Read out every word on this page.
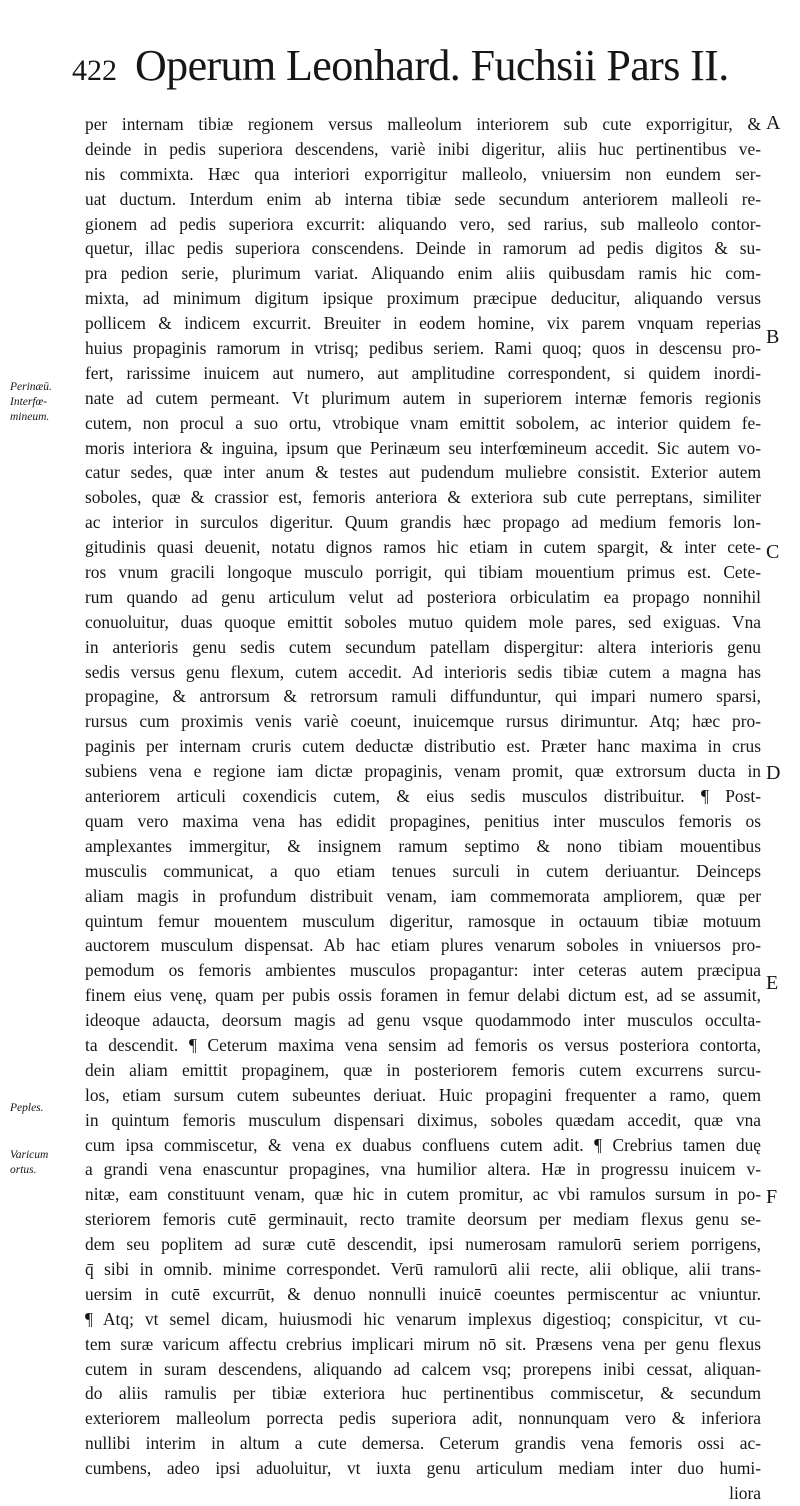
422 Operum Leonhard. Fuchsii Pars II.
per internam tibiæ regionem versus malleolum interiorem sub cute exporrigitur, &
deinde in pedis superiora descendens, variè inibi digeritur, aliis huc pertinentibus ve-
nis commixta. Hæc qua interiori exporrigitur malleolo, vniuersim non eundem ser-
uat ductum. Interdum enim ab interna tibiæ sede secundum anteriorem malleoli re-
gionem ad pedis superiora excurrit: aliquando vero, sed rarius, sub malleolo contor-
quetur, illac pedis superiora conscendens. Deinde in ramorum ad pedis digitos & su-
pra pedion serie, plurimum variat. Aliquando enim aliis quibusdam ramis hic com-
mixta, ad minimum digitum ipsique proximum præcipue deducitur, aliquando versus
pollicem & indicem excurrit. Breuiter in eodem homine, vix parem vnquam reperias
huius propaginis ramorum in vtrisq; pedibus seriem. Rami quoq; quos in descensu pro-
fert, rarissime inuicem aut numero, aut amplitudine correspondent, si quidem inordi-
nate ad cutem permeant. Vt plurimum autem in superiorem internæ femoris regionis
cutem, non procul a suo ortu, vtrobique vnam emittit sobolem, ac interior quidem fe-
moris interiora & inguina, ipsum que Perinæum seu interfœmineum accedit. Sic autem vo-
catur sedes, quæ inter anum & testes aut pudendum muliebre consistit. Exterior autem
soboles, quæ & crassior est, femoris anteriora & exteriora sub cute perreptans, similiter
ac interior in surculos digeritur. Quum grandis hæc propago ad medium femoris lon-
gitudinis quasi deuenit, notatu dignos ramos hic etiam in cutem spargit, & inter cete-
ros vnum gracili longoque musculo porrigit, qui tibiam mouentium primus est. Cete-
rum quando ad genu articulum velut ad posteriora orbiculatim ea propago nonnihil
conuoluitur, duas quoque emittit soboles mutuo quidem mole pares, sed exiguas. Vna
in anterioris genu sedis cutem secundum patellam dispergitur: altera interioris genu
sedis versus genu flexum, cutem accedit. Ad interioris sedis tibiæ cutem a magna has
propagine, & antrorsum & retrorsum ramuli diffunduntur, qui impari numero sparsi,
rursus cum proximis venis variè coeunt, inuicemque rursus dirimuntur. Atq; hæc pro-
paginis per internam cruris cutem deductæ distributio est. Præter hanc maxima in crus
subiens vena e regione iam dictæ propaginis, venam promit, quæ extrorsum ducta in
anteriorem articuli coxendicis cutem, & eius sedis musculos distribuitur. ¶ Post-
quam vero maxima vena has edidit propagines, penitius inter musculos femoris os
amplexantes immergitur, & insignem ramum septimo & nono tibiam mouentibus
musculis communicat, a quo etiam tenues surculi in cutem deriuantur. Deinceps
aliam magis in profundum distribuit venam, iam commemorata ampliorem, quæ per
quintum femur mouentem musculum digeritur, ramosque in octauum tibiæ motuum
auctorem musculum dispensat. Ab hac etiam plures venarum soboles in vniuersos pro-
pemodum os femoris ambientes musculos propagantur: inter ceteras autem præcipua
finem eius venę, quam per pubis ossis foramen in femur delabi dictum est, ad se assumit,
ideoque adaucta, deorsum magis ad genu vsque quodammodo inter musculos occulta-
ta descendit. ¶ Ceterum maxima vena sensim ad femoris os versus posteriora contorta,
dein aliam emittit propaginem, quæ in posteriorem femoris cutem excurrens surcu-
los, etiam sursum cutem subeuntes deriuat. Huic propagini frequenter a ramo, quem
in quintum femoris musculum dispensari diximus, soboles quædam accedit, quæ vna
cum ipsa commiscetur, & vena ex duabus confluens cutem adit. ¶ Crebrius tamen duę
a grandi vena enascuntur propagines, vna humilior altera. Hæ in progressu inuicem v-
nitæ, eam constituunt venam, quæ hic in cutem promitur, ac vbi ramulos sursum in po-
steriorem femoris cutē germinauit, recto tramite deorsum per mediam flexus genu se-
dem seu poplitem ad suræ cutē descendit, ipsi numerosam ramulorū seriem porrigens,
q̄ sibi in omnib. minime correspondet. Verū ramulorū alii recte, alii oblique, alii trans-
uersim in cutē excurrūt, & denuo nonnulli inuicē coeuntes permiscentur ac vniuntur.
¶ Atq; vt semel dicam, huiusmodi hic venarum implexus digestioq; conspicitur, vt cu-
tem suræ varicum affectu crebrius implicari mirum nō sit. Præsens vena per genu flexus
cutem in suram descendens, aliquando ad calcem vsq; prorepens inibi cessat, aliquan-
do aliis ramulis per tibiæ exteriora huc pertinentibus commiscetur, & secundum
exteriorem malleolum porrecta pedis superiora adit, nonnunquam vero & inferiora
nullibi interim in altum a cute demersa. Ceterum grandis vena femoris ossi ac-
cumbens, adeo ipsi aduoluitur, vt iuxta genu articulum mediam inter duo humi-
liora
A
B
C
D
E
F
Perinæū.
Interfœ-
mineum.
Peples.
Varicum
ortus.
